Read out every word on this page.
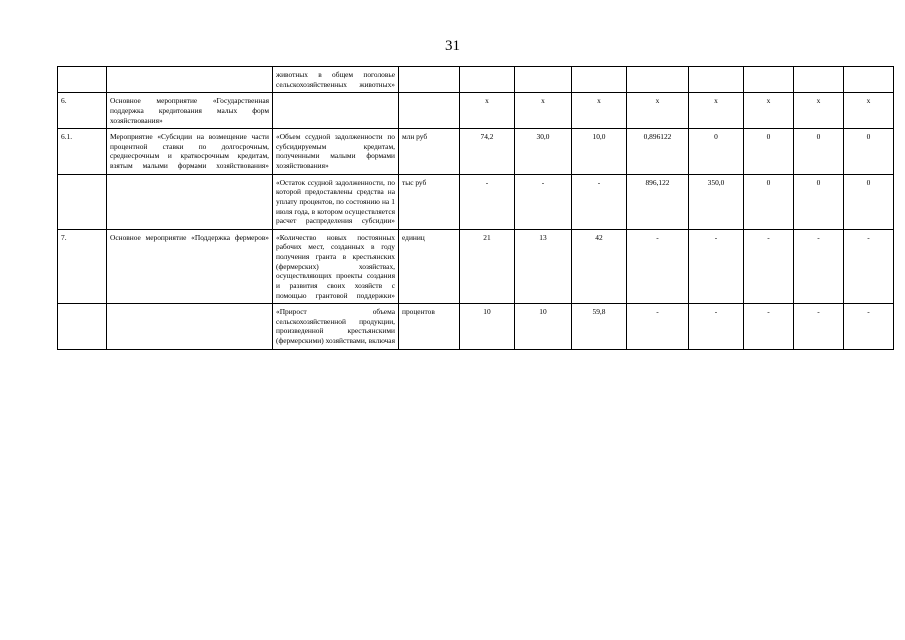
31
		животных в общем поголовье сельскохозяйственных животных»									
6.	Основное мероприятие «Государственная поддержка кредитования малых форм хозяйствования»			х	х	х	х	х	х	х	х
6.1.	Мероприятие «Субсидии на возмещение части процентной ставки по долгосрочным, среднесрочным и краткосрочным кредитам, взятым малыми формами хозяйствования»	«Объем ссудной задолженности по субсидируемым кредитам, полученными малыми формами хозяйствования»	млн руб	74,2	30,0	10,0	0,896122	0	0	0	0
		«Остаток ссудной задолженности, по которой предоставлены средства на уплату процентов, по состоянию на 1 июля года, в котором осуществляется расчет распределения субсидии»	тыс руб	-	-	-	896,122	350,0	0	0	0
7.	Основное мероприятие «Поддержка фермеров»	«Количество новых постоянных рабочих мест, созданных в году получения гранта в крестьянских (фермерских) хозяйствах, осуществляющих проекты создания и развития своих хозяйств с помощью грантовой поддержки»	единиц	21	13	42	-	-	-	-	-
		«Прирост объема сельскохозяйственной продукции, произведенной крестьянскими (фермерскими) хозяйствами, включая	процентов	10	10	59,8	-	-	-	-	-
